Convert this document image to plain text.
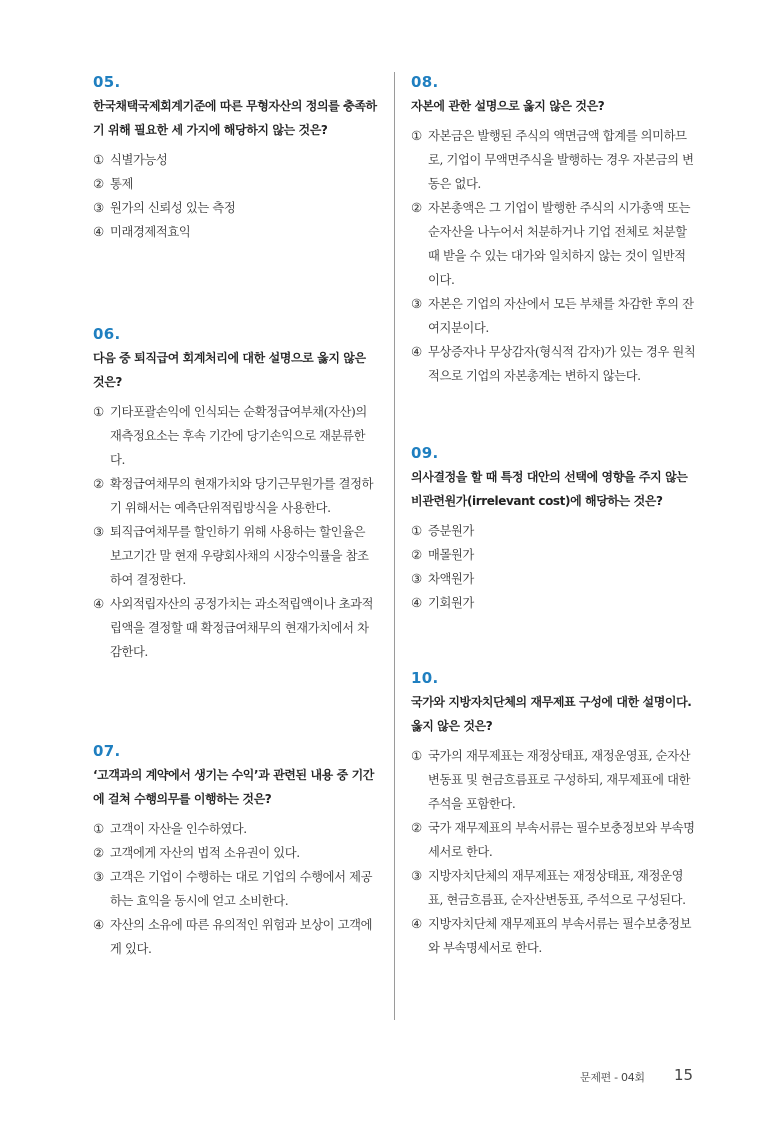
05.
한국채택국제회계기준에 따른 무형자산의 정의를 충족하기 위해 필요한 세 가지에 해당하지 않는 것은?
① 식별가능성
② 통제
③ 원가의 신뢰성 있는 측정
④ 미래경제적효익
06.
다음 중 퇴직급여 회계처리에 대한 설명으로 옳지 않은 것은?
① 기타포괄손익에 인식되는 순확정급여부채(자산)의 재측정요소는 후속 기간에 당기손익으로 재분류한다.
② 확정급여채무의 현재가치와 당기근무원가를 결정하기 위해서는 예측단위적립방식을 사용한다.
③ 퇴직급여채무를 할인하기 위해 사용하는 할인율은 보고기간 말 현재 우량회사채의 시장수익률을 참조하여 결정한다.
④ 사외적립자산의 공정가치는 과소적립액이나 초과적립액을 결정할 때 확정급여채무의 현재가치에서 차감한다.
07.
‘고객과의 계약에서 생기는 수익’과 관련된 내용 중 기간에 걸쳐 수행의무를 이행하는 것은?
① 고객이 자산을 인수하였다.
② 고객에게 자산의 법적 소유권이 있다.
③ 고객은 기업이 수행하는 대로 기업의 수행에서 제공하는 효익을 동시에 얻고 소비한다.
④ 자산의 소유에 따른 유의적인 위험과 보상이 고객에게 있다.
08.
자본에 관한 설명으로 옳지 않은 것은?
① 자본금은 발행된 주식의 액면금액 합계를 의미하므로, 기업이 무액면주식을 발행하는 경우 자본금의 변동은 없다.
② 자본총액은 그 기업이 발행한 주식의 시가총액 또는 순자산을 나누어서 처분하거나 기업 전체로 처분할 때 받을 수 있는 대가와 일치하지 않는 것이 일반적이다.
③ 자본은 기업의 자산에서 모든 부채를 차감한 후의 잔여지분이다.
④ 무상증자나 무상감자(형식적 감자)가 있는 경우 원칙적으로 기업의 자본총계는 변하지 않는다.
09.
의사결정을 할 때 특정 대안의 선택에 영향을 주지 않는 비관련원가(irrelevant cost)에 해당하는 것은?
① 증분원가
② 매몰원가
③ 차액원가
④ 기회원가
10.
국가와 지방자치단체의 재무제표 구성에 대한 설명이다. 옳지 않은 것은?
① 국가의 재무제표는 재정상태표, 재정운영표, 순자산변동표 및 현금흐름표로 구성하되, 재무제표에 대한 주석을 포함한다.
② 국가 재무제표의 부속서류는 필수보충정보와 부속명세서로 한다.
③ 지방자치단체의 재무제표는 재정상태표, 재정운영표, 현금흐름표, 순자산변동표, 주석으로 구성된다.
④ 지방자치단체 재무제표의 부속서류는 필수보충정보와 부속명세서로 한다.
문제편 - 04회 15
